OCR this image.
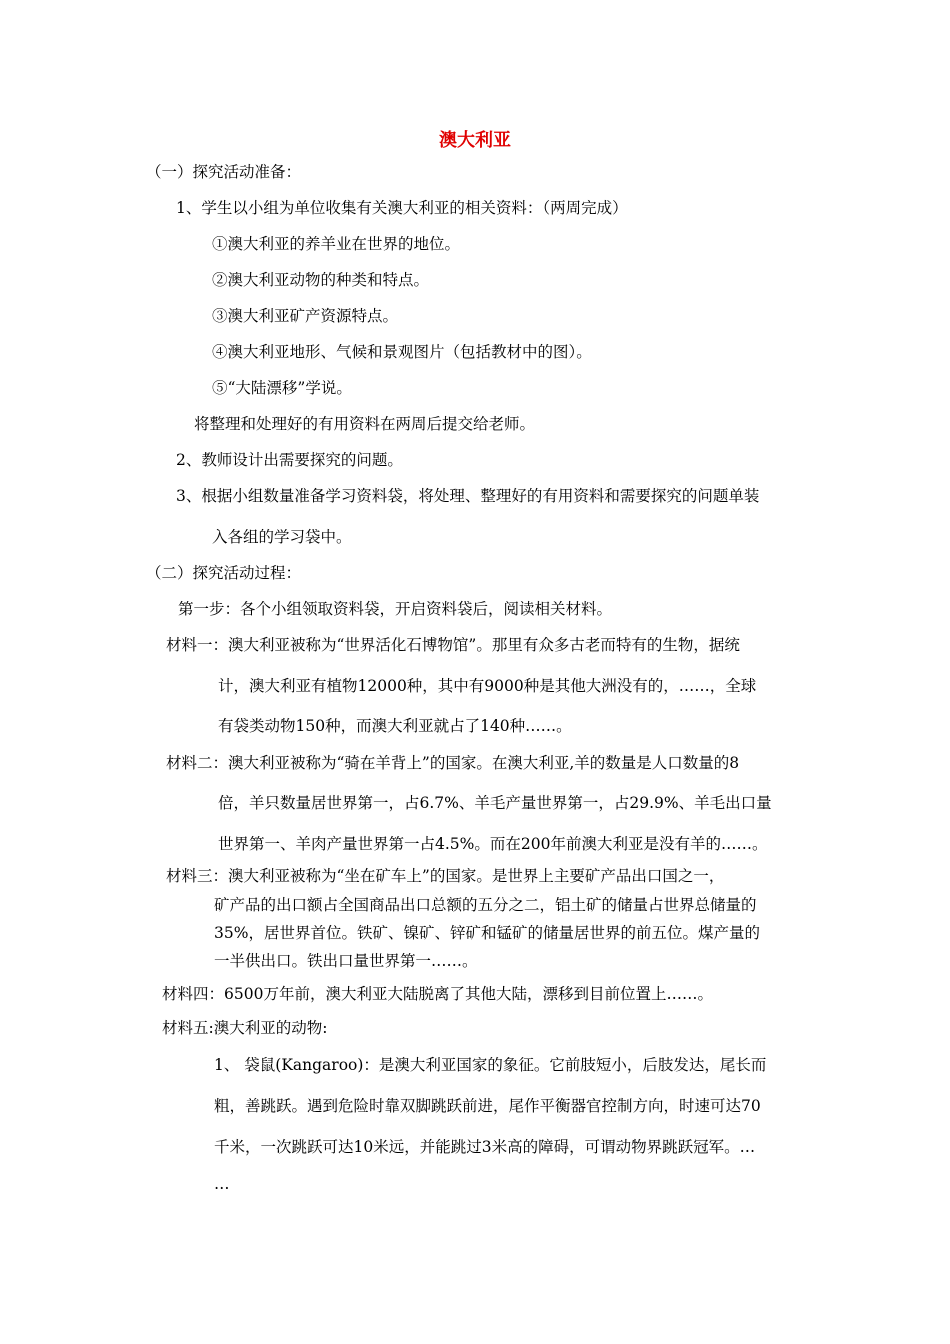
澳大利亚
（一）探究活动准备：
1、学生以小组为单位收集有关澳大利亚的相关资料：（两周完成）
①澳大利亚的养羊业在世界的地位。
②澳大利亚动物的种类和特点。
③澳大利亚矿产资源特点。
④澳大利亚地形、气候和景观图片（包括教材中的图）。
⑤“大陆漂移”学说。
将整理和处理好的有用资料在两周后提交给老师。
2、教师设计出需要探究的问题。
3、根据小组数量准备学习资料袋，将处理、整理好的有用资料和需要探究的问题单装
入各组的学习袋中。
（二）探究活动过程：
第一步：各个小组领取资料袋，开启资料袋后，阅读相关材料。
材料一：澳大利亚被称为“世界活化石博物馆”。那里有众多古老而特有的生物，据统
计，澳大利亚有植物12000种，其中有9000种是其他大洲没有的，……，全球
有袋类动物150种，而澳大利亚就占了140种……。
材料二：澳大利亚被称为“骑在羊背上”的国家。在澳大利亚,羊的数量是人口数量的8
倍，羊只数量居世界第一，占6.7%、羊毛产量世界第一，占29.9%、羊毛出口量
世界第一、羊肉产量世界第一占4.5%。而在200年前澳大利亚是没有羊的……。
材料三：澳大利亚被称为“坐在矿车上”的国家。是世界上主要矿产品出口国之一，
矿产品的出口额占全国商品出口总额的五分之二，铝土矿的储量占世界总储量的
35%，居世界首位。铁矿、镍矿、锌矿和锰矿的储量居世界的前五位。煤产量的
一半供出口。铁出口量世界第一……。
材料四：6500万年前，澳大利亚大陆脱离了其他大陆，漂移到目前位置上……。
材料五:澳大利亚的动物:
1、 袋鼠(Kangaroo)：是澳大利亚国家的象征。它前肢短小，后肢发达，尾长而
粗，善跳跃。遇到危险时靠双脚跳跃前进，尾作平衡器官控制方向，时速可达70
千米，一次跳跃可达10米远，并能跳过3米高的障碍，可谓动物界跳跃冠军。…
…
